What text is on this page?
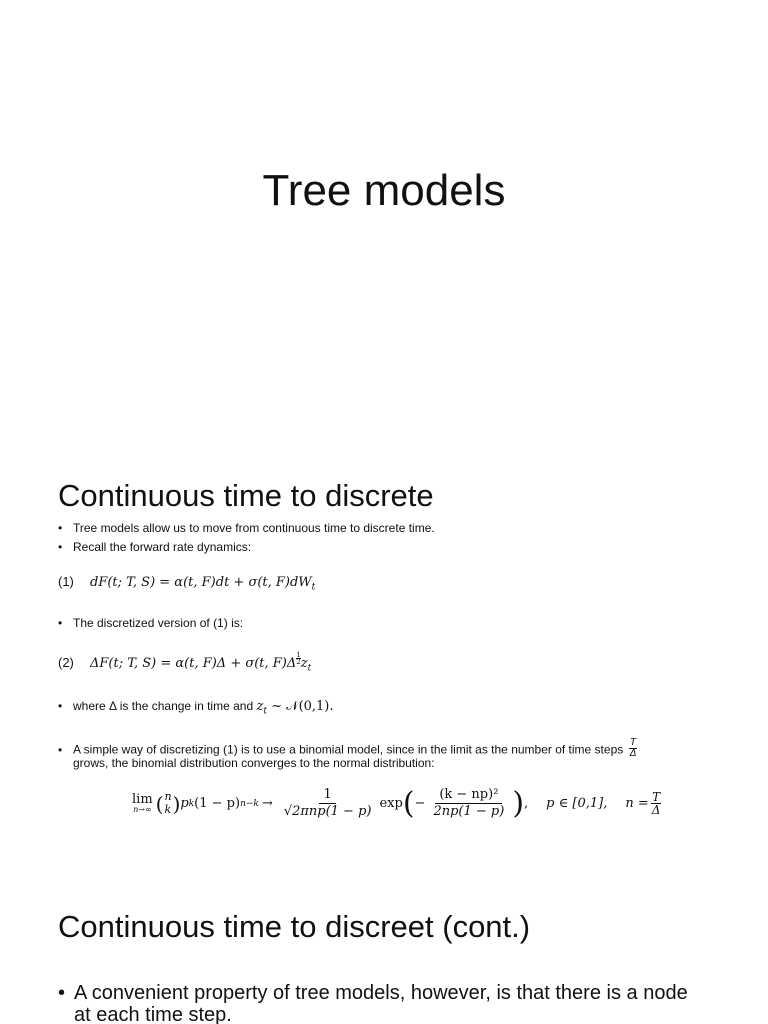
Tree models
Continuous time to discrete
• Tree models allow us to move from continuous time to discrete time.
• Recall the forward rate dynamics:
(1) dF(t; T, S) = α(t, F)dt + σ(t, $F)dW_t$
• The discretized version of (1) is:
(2) ΔF(t; T, S) = α(t, F)Δ + σ(t, F)Δ $^{\frac{1}{2}}$ $z_t$
• where Δ is the change in time and $z_t$ ~ 𝒩(0,1).
• A simple way of discretizing (1) is to use a binomial model, since in the limit as the number of time steps $\frac{T}{\Delta}$
grows, the binomial distribution converges to the normal distribution:
lim
n→∞ ( n
k ) p k (1 − p) $n-k \to \frac{1}{\text{√2πnp(1 − p)}}$ exp ( − $\frac{\text{(k − np)²}}{2np(1 - p)}$ ) , p ∈ [0,1], $n = \frac{T}{\Delta}$
Continuous time to discreet (cont.)
• A convenient property of tree models, however, is that there is a node
at each time step.
